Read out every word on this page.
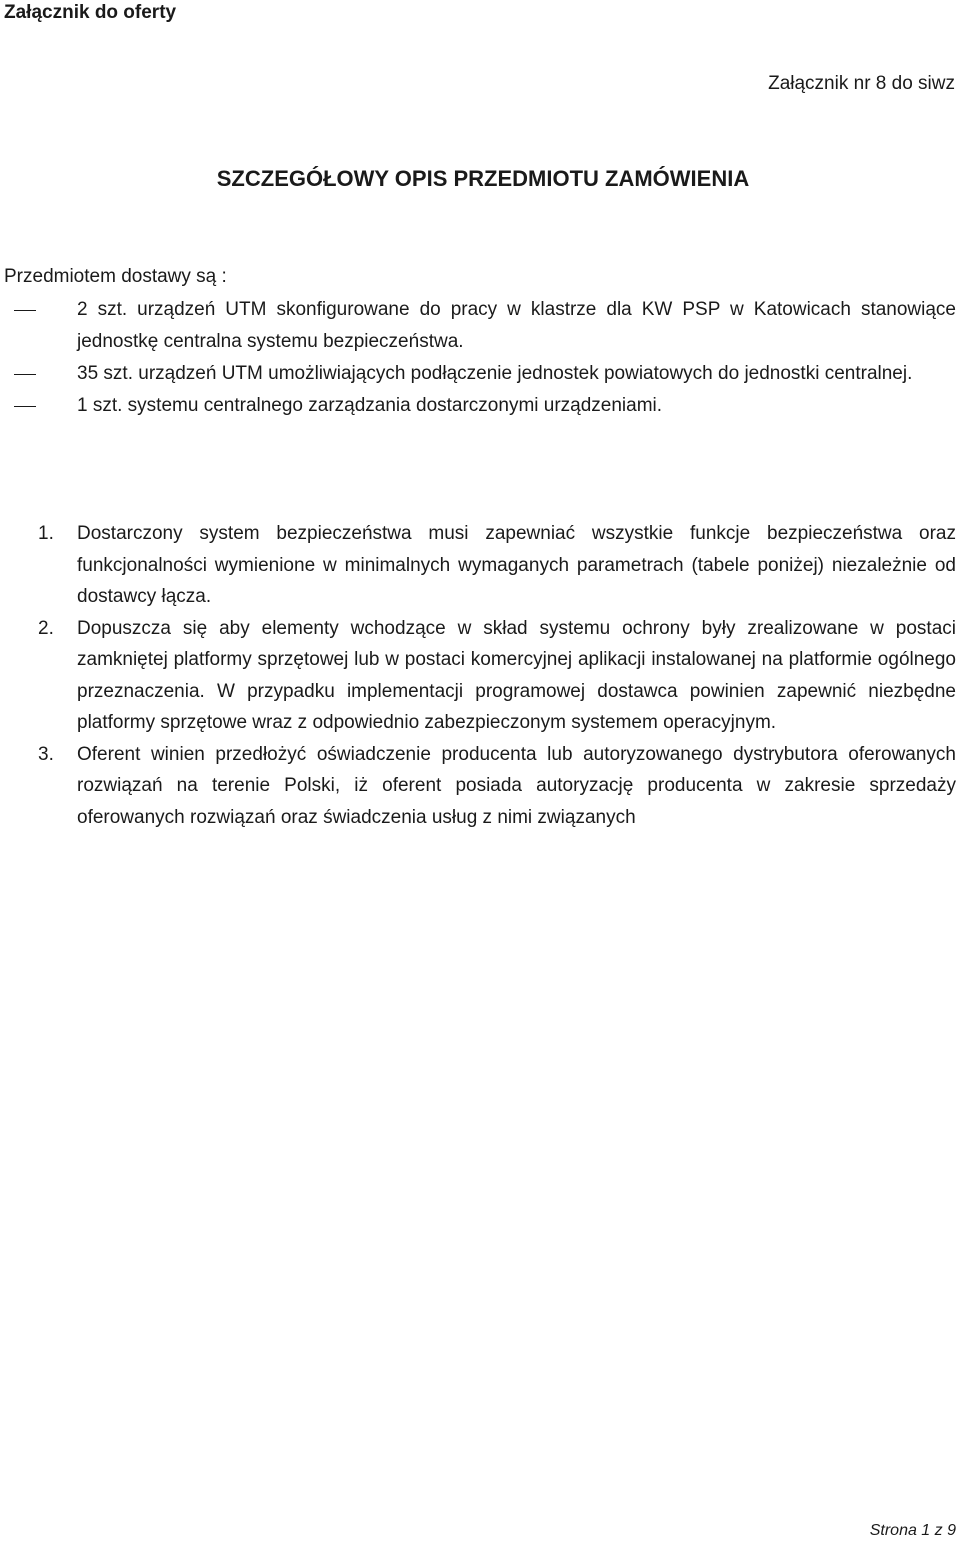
Załącznik do oferty
Załącznik nr 8 do siwz
SZCZEGÓŁOWY OPIS PRZEDMIOTU ZAMÓWIENIA
Przedmiotem dostawy są :
2 szt. urządzeń UTM skonfigurowane do pracy w klastrze dla KW PSP w Katowicach stanowiące jednostkę centralna systemu bezpieczeństwa.
35 szt. urządzeń UTM umożliwiających podłączenie jednostek powiatowych do jednostki centralnej.
1 szt. systemu centralnego zarządzania dostarczonymi urządzeniami.
1. Dostarczony system bezpieczeństwa musi zapewniać wszystkie funkcje bezpieczeństwa oraz funkcjonalności wymienione w minimalnych wymaganych parametrach (tabele poniżej) niezależnie od dostawcy łącza.
2. Dopuszcza się aby elementy wchodzące w skład systemu ochrony były zrealizowane w postaci zamkniętej platformy sprzętowej lub w postaci komercyjnej aplikacji instalowanej na platformie ogólnego przeznaczenia. W przypadku implementacji programowej dostawca powinien zapewnić niezbędne platformy sprzętowe wraz z odpowiednio zabezpieczonym systemem operacyjnym.
3. Oferent winien przedłożyć oświadczenie producenta lub autoryzowanego dystrybutora oferowanych rozwiązań na terenie Polski, iż oferent posiada autoryzację producenta w zakresie sprzedaży oferowanych rozwiązań oraz świadczenia usług z nimi związanych
Strona 1 z 9
